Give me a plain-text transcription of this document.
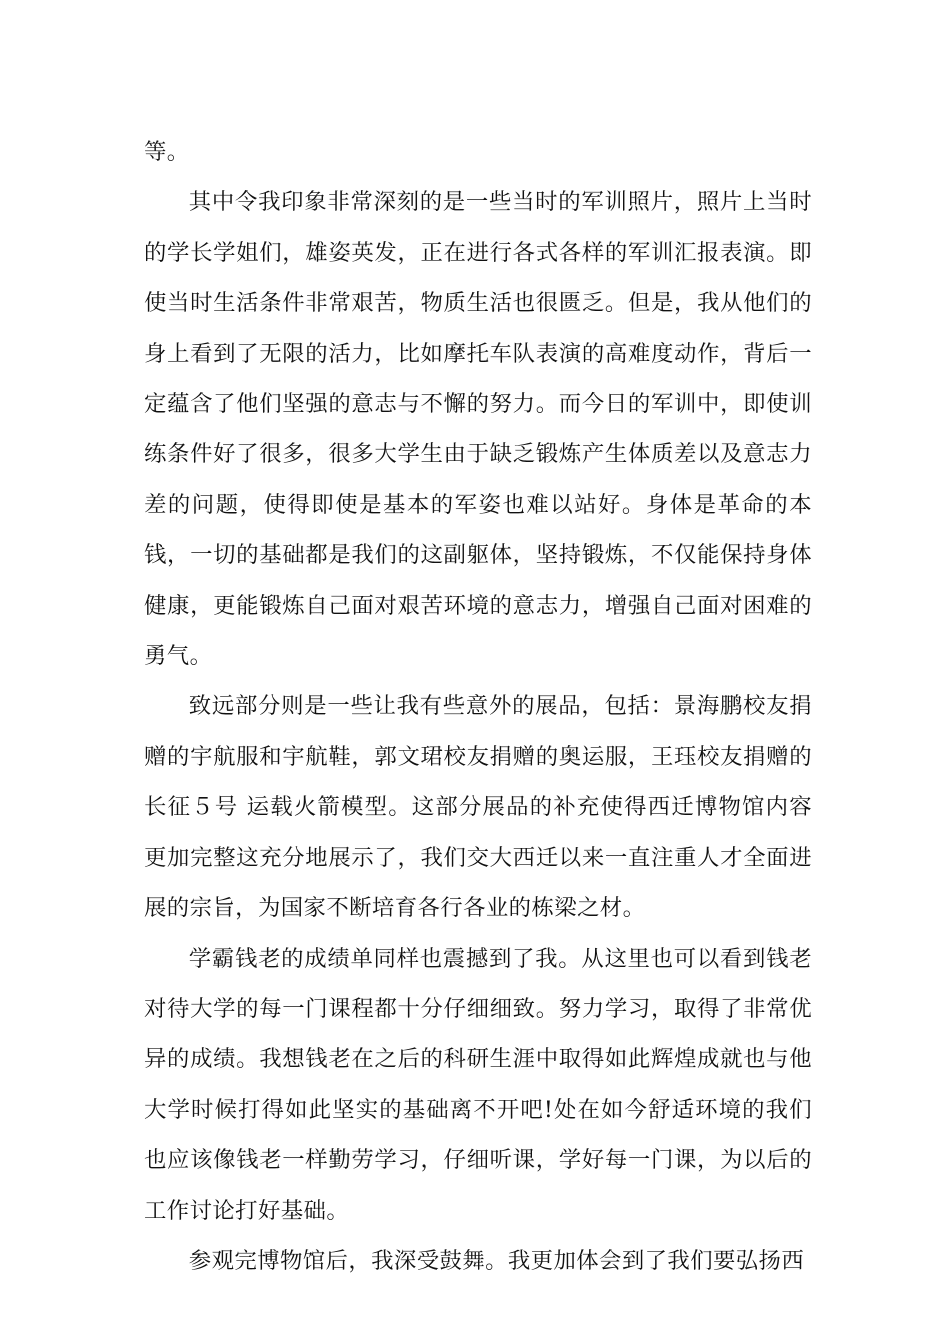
等。

其中令我印象非常深刻的是一些当时的军训照片，照片上当时的学长学姐们，雄姿英发，正在进行各式各样的军训汇报表演。即使当时生活条件非常艰苦，物质生活也很匮乏。但是，我从他们的身上看到了无限的活力，比如摩托车队表演的高难度动作，背后一定蕴含了他们坚强的意志与不懈的努力。而今日的军训中，即使训练条件好了很多，很多大学生由于缺乏锻炼产生体质差以及意志力差的问题，使得即使是基本的军姿也难以站好。身体是革命的本钱，一切的基础都是我们的这副躯体，坚持锻炼，不仅能保持身体健康，更能锻炼自己面对艰苦环境的意志力，增强自己面对困难的勇气。

致远部分则是一些让我有些意外的展品，包括：景海鹏校友捐赠的宇航服和宇航鞋，郭文珺校友捐赠的奥运服，王珏校友捐赠的长征５号 运载火箭模型。这部分展品的补充使得西迁博物馆内容更加完整这充分地展示了，我们交大西迁以来一直注重人才全面进展的宗旨，为国家不断培育各行各业的栋梁之材。

学霸钱老的成绩单同样也震撼到了我。从这里也可以看到钱老对待大学的每一门课程都十分仔细细致。努力学习，取得了非常优异的成绩。我想钱老在之后的科研生涯中取得如此辉煌成就也与他大学时候打得如此坚实的基础离不开吧!处在如今舒适环境的我们也应该像钱老一样勤劳学习，仔细听课，学好每一门课，为以后的工作讨论打好基础。

参观完博物馆后，我深受鼓舞。我更加体会到了我们要弘扬西
